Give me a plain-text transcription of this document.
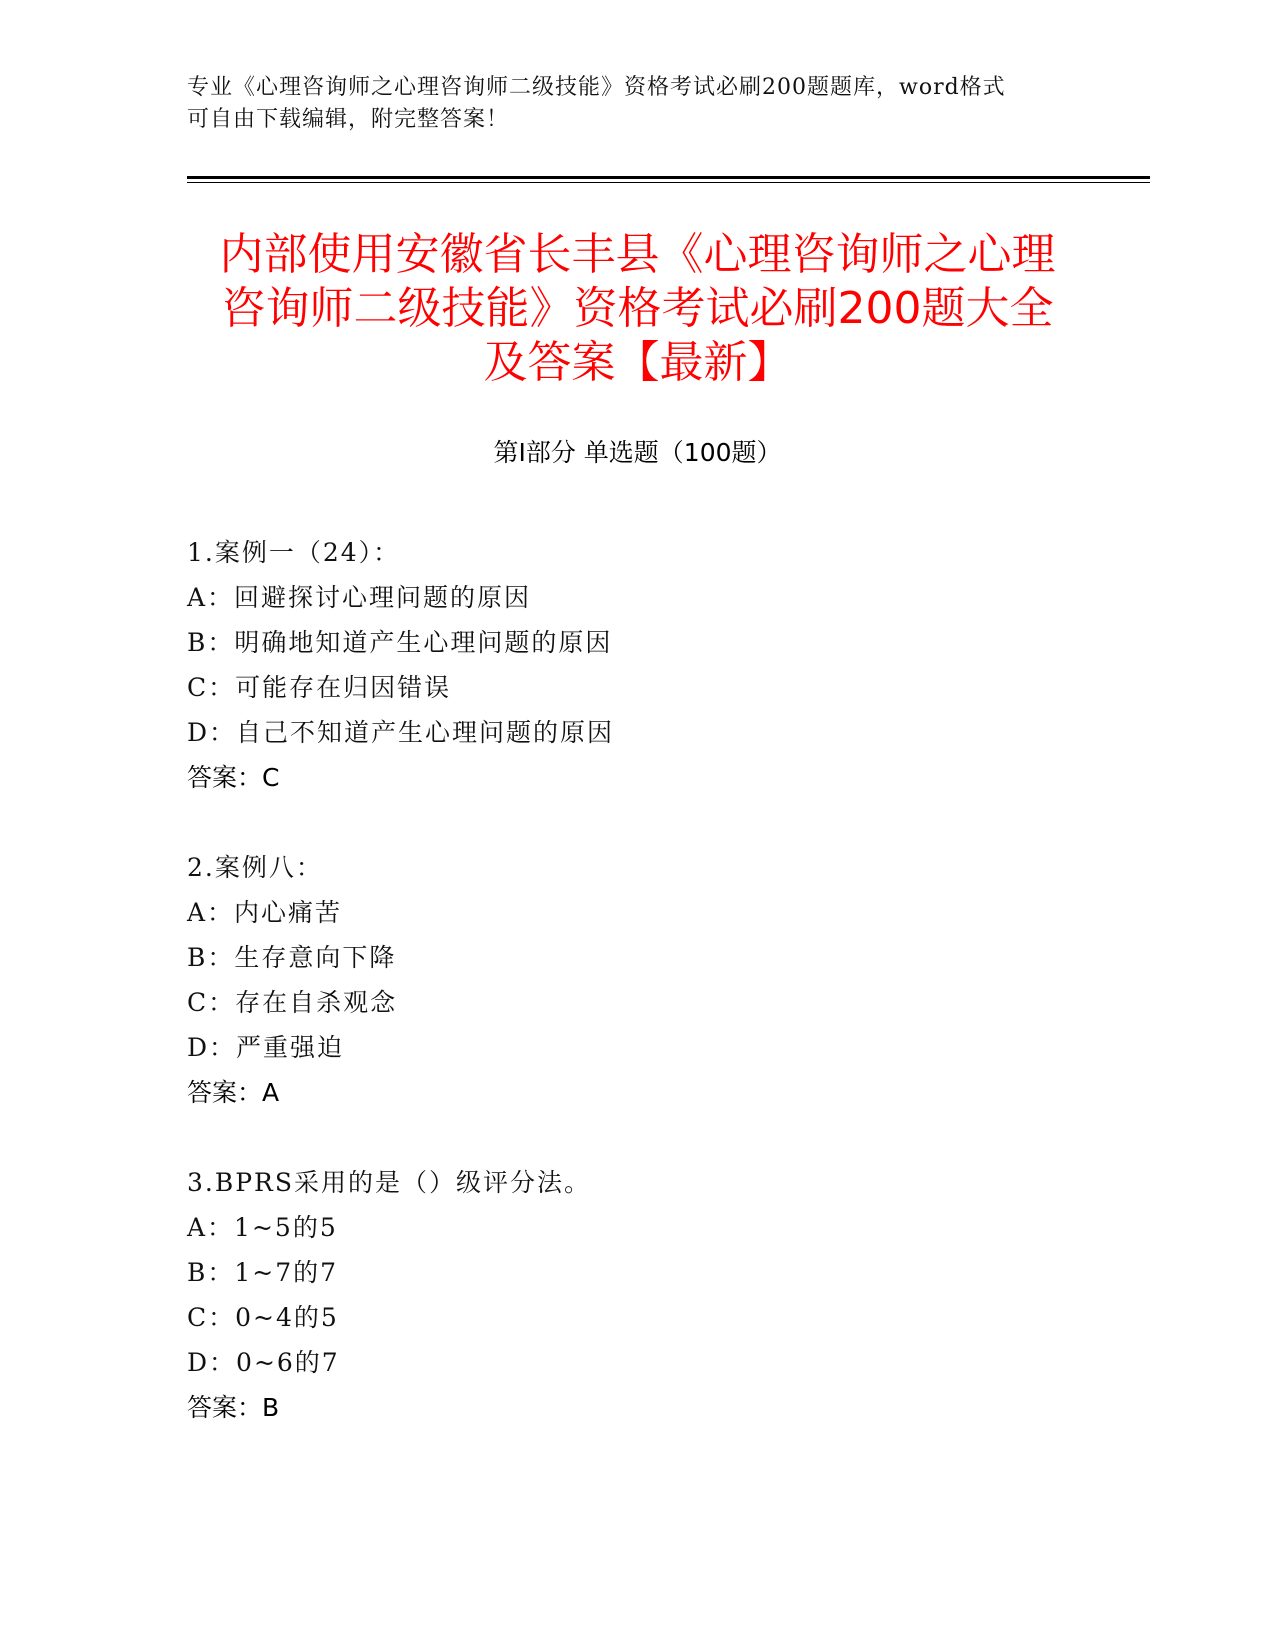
专业《心理咨询师之心理咨询师二级技能》资格考试必刷200题题库，word格式

可自由下载编辑，附完整答案！

内部使用安徽省长丰县《心理咨询师之心理

咨询师二级技能》资格考试必刷200题大全

及答案【最新】

第Ⅰ部分 单选题（100题）
1.案例一（24）：
A：回避探讨心理问题的原因
B：明确地知道产生心理问题的原因
C：可能存在归因错误
D：自己不知道产生心理问题的原因
答案：C
2.案例八：
A：内心痛苦
B：生存意向下降
C：存在自杀观念
D：严重强迫
答案：A
3.BPRS采用的是（）级评分法。
A：1~5的5
B：1~7的7
C：0~4的5
D：0~6的7
答案：B
